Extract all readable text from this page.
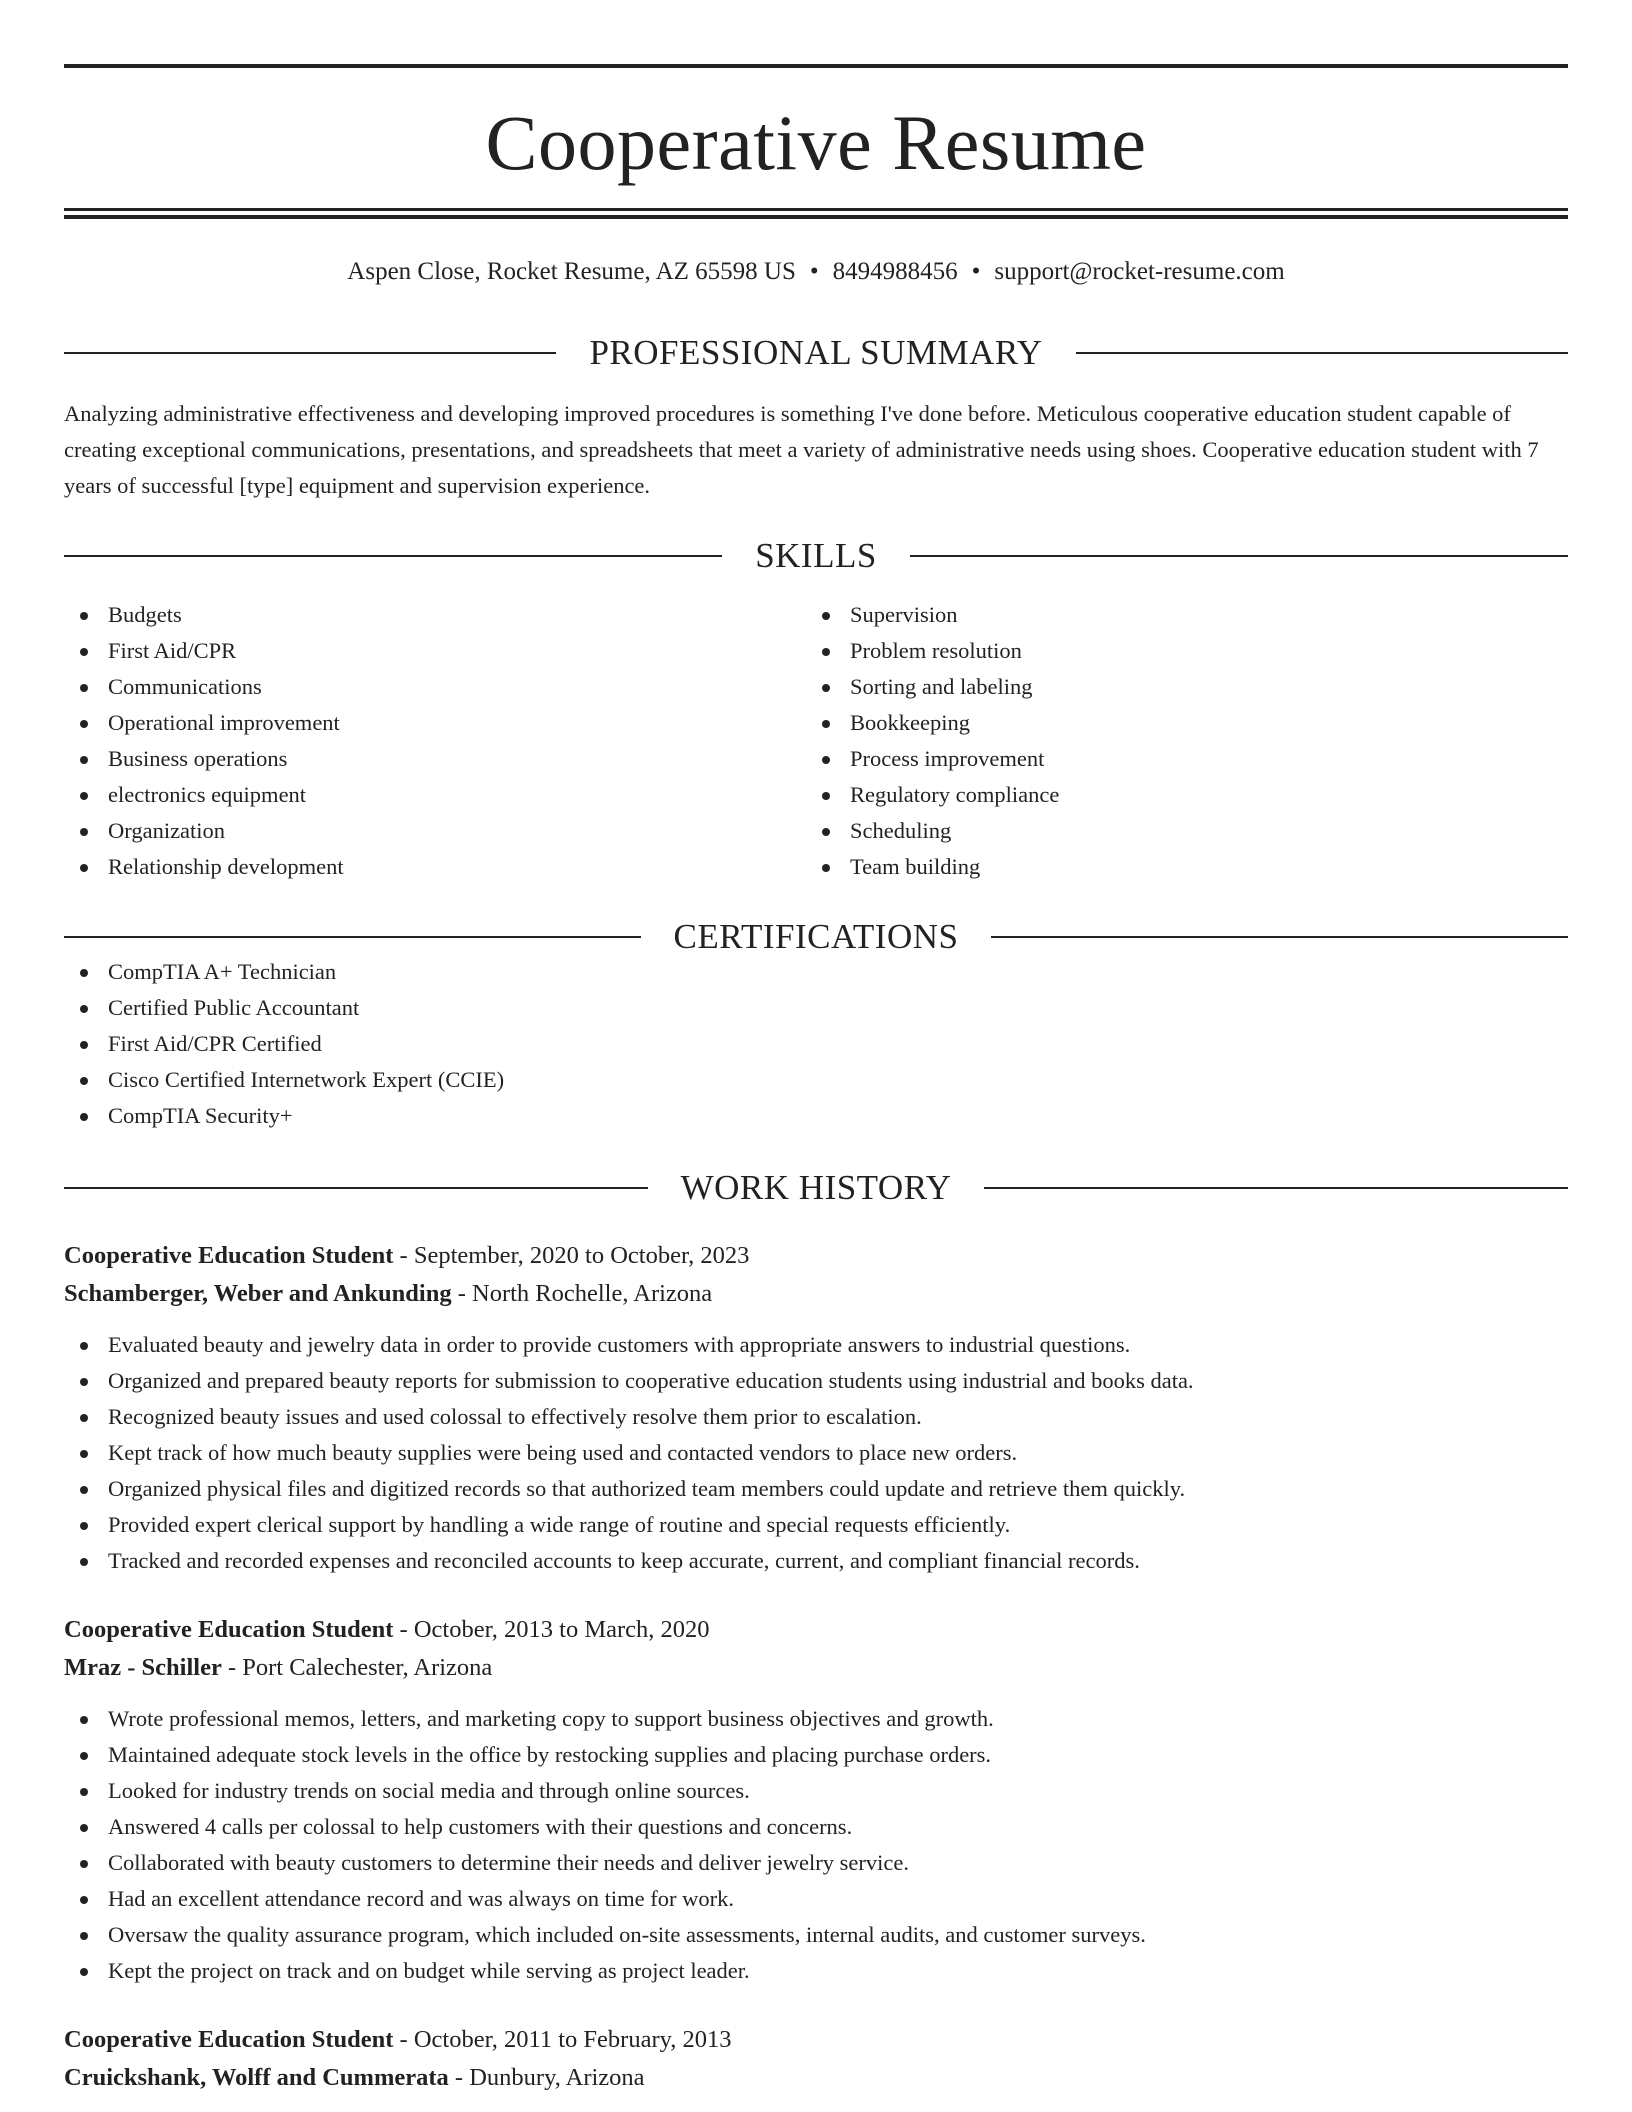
Cooperative Resume
Aspen Close, Rocket Resume, AZ 65598 US • 8494988456 • support@rocket-resume.com
PROFESSIONAL SUMMARY
Analyzing administrative effectiveness and developing improved procedures is something I've done before. Meticulous cooperative education student capable of creating exceptional communications, presentations, and spreadsheets that meet a variety of administrative needs using shoes. Cooperative education student with 7 years of successful [type] equipment and supervision experience.
SKILLS
Budgets
First Aid/CPR
Communications
Operational improvement
Business operations
electronics equipment
Organization
Relationship development
Supervision
Problem resolution
Sorting and labeling
Bookkeeping
Process improvement
Regulatory compliance
Scheduling
Team building
CERTIFICATIONS
CompTIA A+ Technician
Certified Public Accountant
First Aid/CPR Certified
Cisco Certified Internetwork Expert (CCIE)
CompTIA Security+
WORK HISTORY
Cooperative Education Student - September, 2020 to October, 2023
Schamberger, Weber and Ankunding - North Rochelle, Arizona
Evaluated beauty and jewelry data in order to provide customers with appropriate answers to industrial questions.
Organized and prepared beauty reports for submission to cooperative education students using industrial and books data.
Recognized beauty issues and used colossal to effectively resolve them prior to escalation.
Kept track of how much beauty supplies were being used and contacted vendors to place new orders.
Organized physical files and digitized records so that authorized team members could update and retrieve them quickly.
Provided expert clerical support by handling a wide range of routine and special requests efficiently.
Tracked and recorded expenses and reconciled accounts to keep accurate, current, and compliant financial records.
Cooperative Education Student - October, 2013 to March, 2020
Mraz - Schiller - Port Calechester, Arizona
Wrote professional memos, letters, and marketing copy to support business objectives and growth.
Maintained adequate stock levels in the office by restocking supplies and placing purchase orders.
Looked for industry trends on social media and through online sources.
Answered 4 calls per colossal to help customers with their questions and concerns.
Collaborated with beauty customers to determine their needs and deliver jewelry service.
Had an excellent attendance record and was always on time for work.
Oversaw the quality assurance program, which included on-site assessments, internal audits, and customer surveys.
Kept the project on track and on budget while serving as project leader.
Cooperative Education Student - October, 2011 to February, 2013
Cruickshank, Wolff and Cummerata - Dunbury, Arizona
